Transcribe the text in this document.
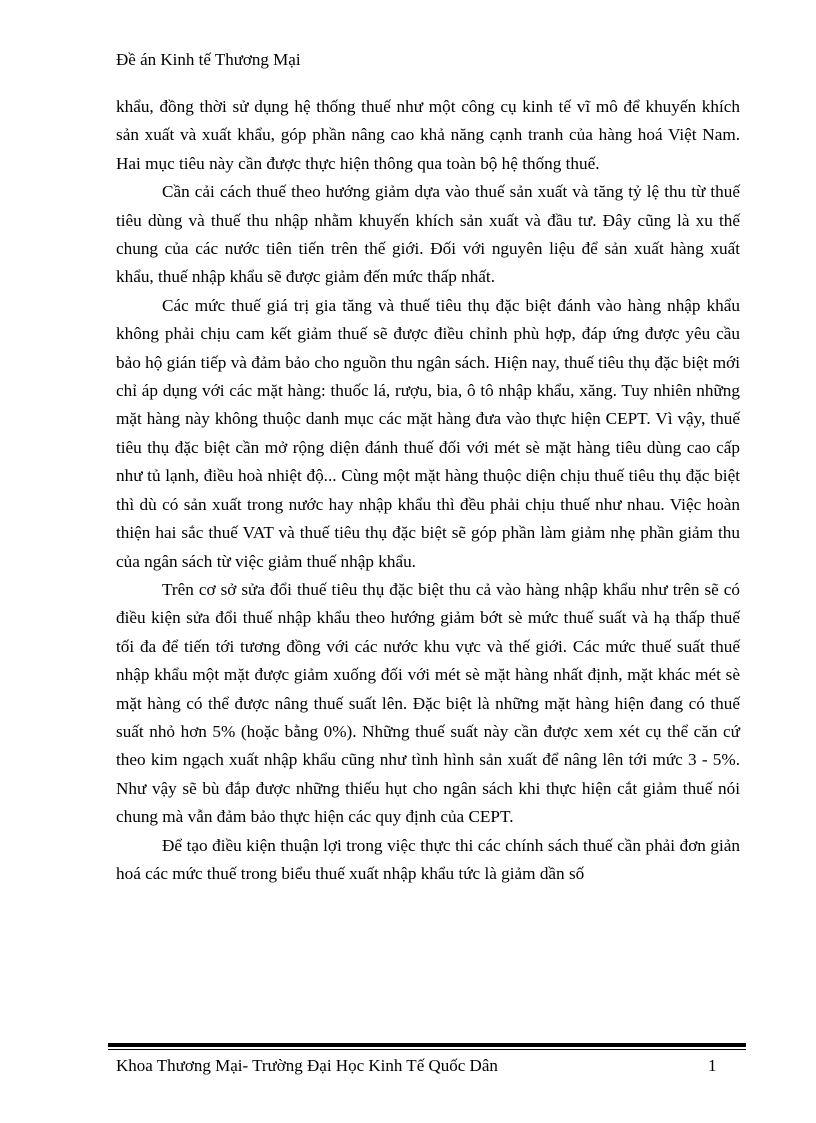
Đề án Kinh tế Thương Mại

khẩu, đồng thời sử dụng hệ thống thuế như một công cụ kinh tế vĩ mô để khuyến khích sản xuất và xuất khẩu, góp phần nâng cao khả năng cạnh tranh của hàng hoá Việt Nam. Hai mục tiêu này cần được thực hiện thông qua toàn bộ hệ thống thuế.

Cần cải cách thuế theo hướng giảm dựa vào thuế sản xuất và tăng tỷ lệ thu từ thuế tiêu dùng và thuế thu nhập nhằm khuyến khích sản xuất và đầu tư. Đây cũng là xu thế chung của các nước tiên tiến trên thế giới. Đối với nguyên liệu để sản xuất hàng xuất khẩu, thuế nhập khẩu sẽ được giảm đến mức thấp nhất.

Các mức thuế giá trị gia tăng và thuế tiêu thụ đặc biệt đánh vào hàng nhập khẩu không phải chịu cam kết giảm thuế sẽ được điều chỉnh phù hợp, đáp ứng được yêu cầu bảo hộ gián tiếp và đảm bảo cho nguồn thu ngân sách. Hiện nay, thuế tiêu thụ đặc biệt mới chỉ áp dụng với các mặt hàng: thuốc lá, rượu, bia, ô tô nhập khẩu, xăng. Tuy nhiên những mặt hàng này không thuộc danh mục các mặt hàng đưa vào thực hiện CEPT. Vì vậy, thuế tiêu thụ đặc biệt cần mở rộng diện đánh thuế đối với mét sè mặt hàng tiêu dùng cao cấp như tủ lạnh, điều hoà nhiệt độ... Cùng một mặt hàng thuộc diện chịu thuế tiêu thụ đặc biệt thì dù có sản xuất trong nước hay nhập khẩu thì đều phải chịu thuế như nhau. Việc hoàn thiện hai sắc thuế VAT và thuế tiêu thụ đặc biệt sẽ góp phần làm giảm nhẹ phần giảm thu của ngân sách từ việc giảm thuế nhập khẩu.

Trên cơ sở sửa đổi thuế tiêu thụ đặc biệt thu cả vào hàng nhập khẩu như trên sẽ có điều kiện sửa đổi thuế nhập khẩu theo hướng giảm bớt sè mức thuế suất và hạ thấp thuế tối đa để tiến tới tương đồng với các nước khu vực và thế giới. Các mức thuế suất thuế nhập khẩu một mặt được giảm xuống đối với mét sè mặt hàng nhất định, mặt khác mét sè mặt hàng có thể được nâng thuế suất lên. Đặc biệt là những mặt hàng hiện đang có thuế suất nhỏ hơn 5% (hoặc bằng 0%). Những thuế suất này cần được xem xét cụ thể căn cứ theo kim ngạch xuất nhập khẩu cũng như tình hình sản xuất để nâng lên tới mức 3 - 5%. Như vậy sẽ bù đắp được những thiếu hụt cho ngân sách khi thực hiện cắt giảm thuế nói chung mà vẫn đảm bảo thực hiện các quy định của CEPT.

Để tạo điều kiện thuận lợi trong việc thực thi các chính sách thuế cần phải đơn giản hoá các mức thuế trong biểu thuế xuất nhập khẩu tức là giảm dần số

Khoa Thương Mại- Trường Đại Học Kinh Tế Quốc Dân	1
